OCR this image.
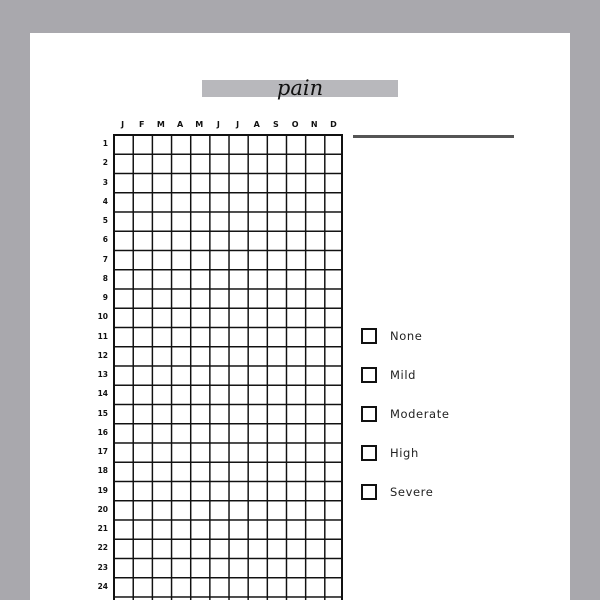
pain
J	F	M	A	M	J	J	A	S	O	N	D
1
2
3
4
5
6
7
8
9
10
11
12
13
14
15
16
17
18
19
20
21
22
23
24
None
Mild
Moderate
High
Severe
